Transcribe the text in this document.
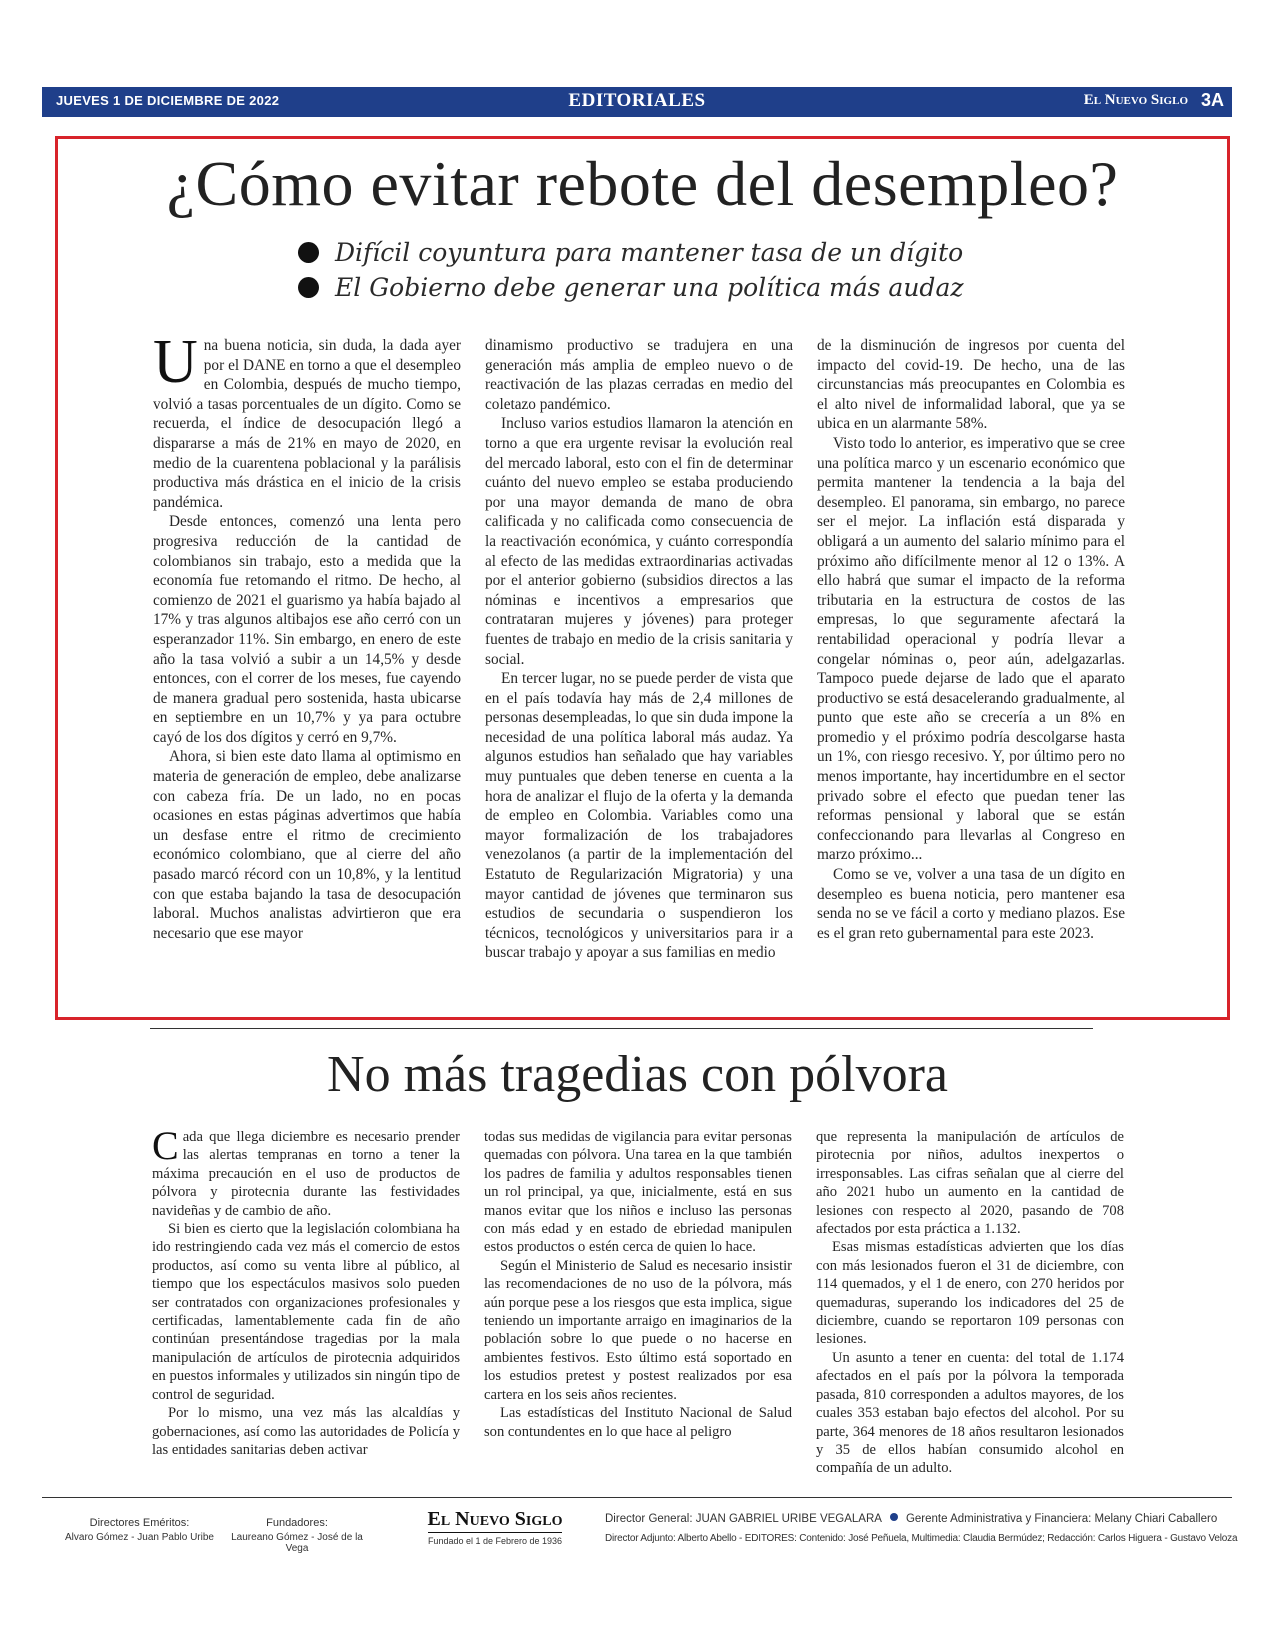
JUEVES 1 DE DICIEMBRE DE 2022	EDITORIALES	El Nuevo Siglo 3A
¿Cómo evitar rebote del desempleo?
Difícil coyuntura para mantener tasa de un dígito
El Gobierno debe generar una política más audaz

Una buena noticia, sin duda, la dada ayer por el DANE en torno a que el desempleo en Colombia, después de mucho tiempo, volvió a tasas porcentuales de un dígito. Como se recuerda, el índice de desocupación llegó a dispararse a más de 21% en mayo de 2020, en medio de la cuarentena poblacional y la parálisis productiva más drástica en el inicio de la crisis pandémica.

Desde entonces, comenzó una lenta pero progresiva reducción de la cantidad de colombianos sin trabajo, esto a medida que la economía fue retomando el ritmo. De hecho, al comienzo de 2021 el guarismo ya había bajado al 17% y tras algunos altibajos ese año cerró con un esperanzador 11%. Sin embargo, en enero de este año la tasa volvió a subir a un 14,5% y desde entonces, con el correr de los meses, fue cayendo de manera gradual pero sostenida, hasta ubicarse en septiembre en un 10,7% y ya para octubre cayó de los dos dígitos y cerró en 9,7%.

Ahora, si bien este dato llama al optimismo en materia de generación de empleo, debe analizarse con cabeza fría. De un lado, no en pocas ocasiones en estas páginas advertimos que había un desfase entre el ritmo de crecimiento económico colombiano, que al cierre del año pasado marcó récord con un 10,8%, y la lentitud con que estaba bajando la tasa de desocupación laboral. Muchos analistas advirtieron que era necesario que ese mayor

dinamismo productivo se tradujera en una generación más amplia de empleo nuevo o de reactivación de las plazas cerradas en medio del coletazo pandémico.

Incluso varios estudios llamaron la atención en torno a que era urgente revisar la evolución real del mercado laboral, esto con el fin de determinar cuánto del nuevo empleo se estaba produciendo por una mayor demanda de mano de obra calificada y no calificada como consecuencia de la reactivación económica, y cuánto correspondía al efecto de las medidas extraordinarias activadas por el anterior gobierno (subsidios directos a las nóminas e incentivos a empresarios que contrataran mujeres y jóvenes) para proteger fuentes de trabajo en medio de la crisis sanitaria y social.

En tercer lugar, no se puede perder de vista que en el país todavía hay más de 2,4 millones de personas desempleadas, lo que sin duda impone la necesidad de una política laboral más audaz. Ya algunos estudios han señalado que hay variables muy puntuales que deben tenerse en cuenta a la hora de analizar el flujo de la oferta y la demanda de empleo en Colombia. Variables como una mayor formalización de los trabajadores venezolanos (a partir de la implementación del Estatuto de Regularización Migratoria) y una mayor cantidad de jóvenes que terminaron sus estudios de secundaria o suspendieron los técnicos, tecnológicos y universitarios para ir a buscar trabajo y apoyar a sus familias en medio

de la disminución de ingresos por cuenta del impacto del covid-19. De hecho, una de las circunstancias más preocupantes en Colombia es el alto nivel de informalidad laboral, que ya se ubica en un alarmante 58%.

Visto todo lo anterior, es imperativo que se cree una política marco y un escenario económico que permita mantener la tendencia a la baja del desempleo. El panorama, sin embargo, no parece ser el mejor. La inflación está disparada y obligará a un aumento del salario mínimo para el próximo año difícilmente menor al 12 o 13%. A ello habrá que sumar el impacto de la reforma tributaria en la estructura de costos de las empresas, lo que seguramente afectará la rentabilidad operacional y podría llevar a congelar nóminas o, peor aún, adelgazarlas. Tampoco puede dejarse de lado que el aparato productivo se está desacelerando gradualmente, al punto que este año se crecería a un 8% en promedio y el próximo podría descolgarse hasta un 1%, con riesgo recesivo. Y, por último pero no menos importante, hay incertidumbre en el sector privado sobre el efecto que puedan tener las reformas pensional y laboral que se están confeccionando para llevarlas al Congreso en marzo próximo...

Como se ve, volver a una tasa de un dígito en desempleo es buena noticia, pero mantener esa senda no se ve fácil a corto y mediano plazos. Ese es el gran reto gubernamental para este 2023.

No más tragedias con pólvora

Cada que llega diciembre es necesario prender las alertas tempranas en torno a tener la máxima precaución en el uso de productos de pólvora y pirotecnia durante las festividades navideñas y de cambio de año.

Si bien es cierto que la legislación colombiana ha ido restringiendo cada vez más el comercio de estos productos, así como su venta libre al público, al tiempo que los espectáculos masivos solo pueden ser contratados con organizaciones profesionales y certificadas, lamentablemente cada fin de año continúan presentándose tragedias por la mala manipulación de artículos de pirotecnia adquiridos en puestos informales y utilizados sin ningún tipo de control de seguridad.

Por lo mismo, una vez más las alcaldías y gobernaciones, así como las autoridades de Policía y las entidades sanitarias deben activar

todas sus medidas de vigilancia para evitar personas quemadas con pólvora. Una tarea en la que también los padres de familia y adultos responsables tienen un rol principal, ya que, inicialmente, está en sus manos evitar que los niños e incluso las personas con más edad y en estado de ebriedad manipulen estos productos o estén cerca de quien lo hace.

Según el Ministerio de Salud es necesario insistir las recomendaciones de no uso de la pólvora, más aún porque pese a los riesgos que esta implica, sigue teniendo un importante arraigo en imaginarios de la población sobre lo que puede o no hacerse en ambientes festivos. Esto último está soportado en los estudios pretest y postest realizados por esa cartera en los seis años recientes.

Las estadísticas del Instituto Nacional de Salud son contundentes en lo que hace al peligro

que representa la manipulación de artículos de pirotecnia por niños, adultos inexpertos o irresponsables. Las cifras señalan que al cierre del año 2021 hubo un aumento en la cantidad de lesiones con respecto al 2020, pasando de 708 afectados por esta práctica a 1.132.

Esas mismas estadísticas advierten que los días con más lesionados fueron el 31 de diciembre, con 114 quemados, y el 1 de enero, con 270 heridos por quemaduras, superando los indicadores del 25 de diciembre, cuando se reportaron 109 personas con lesiones.

Un asunto a tener en cuenta: del total de 1.174 afectados en el país por la pólvora la temporada pasada, 810 corresponden a adultos mayores, de los cuales 353 estaban bajo efectos del alcohol. Por su parte, 364 menores de 18 años resultaron lesionados y 35 de ellos habían consumido alcohol en compañía de un adulto.

Directores Eméritos:
Alvaro Gómez - Juan Pablo Uribe
Fundadores:
Laureano Gómez - José de la Vega
El Nuevo Siglo
Fundado el 1 de Febrero de 1936
Director General: JUAN GABRIEL URIBE VEGALARA Gerente Administrativa y Financiera: Melany Chiari Caballero
Director Adjunto: Alberto Abello - EDITORES: Contenido: José Peñuela, Multimedia: Claudia Bermúdez; Redacción: Carlos Higuera - Gustavo Veloza
